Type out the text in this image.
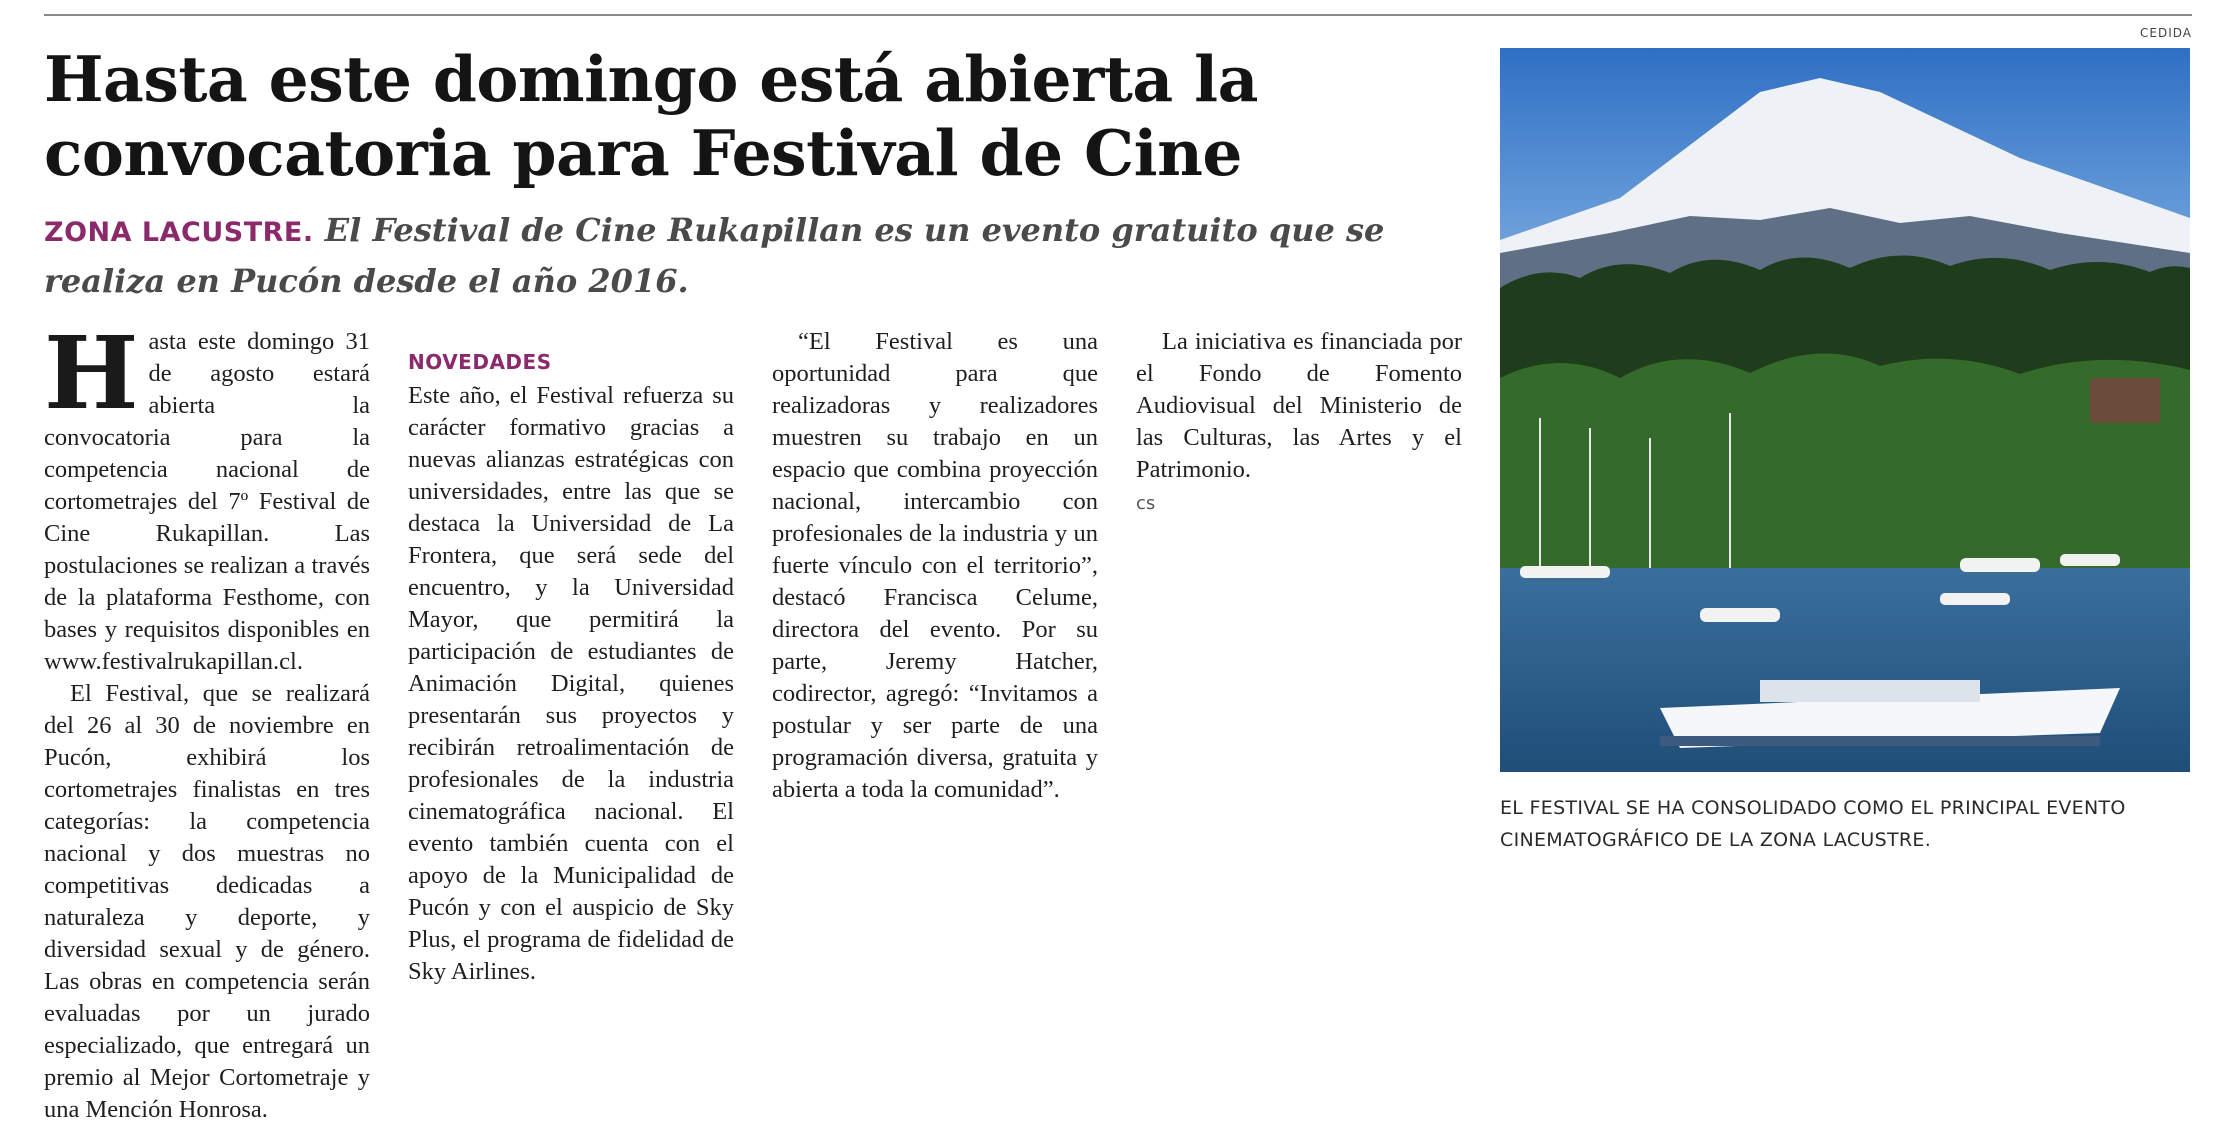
Hasta este domingo está abierta la convocatoria para Festival de Cine
ZONA LACUSTRE. El Festival de Cine Rukapillan es un evento gratuito que se realiza en Pucón desde el año 2016.

H asta este domingo 31 de agosto estará abierta la convocatoria para la competencia nacional de cortometrajes del 7º Festival de Cine Rukapillan. Las postulaciones se realizan a través de la plataforma Festhome, con bases y requisitos disponibles en www.festivalrukapillan.cl.

El Festival, que se realizará del 26 al 30 de noviembre en Pucón, exhibirá los cortometrajes finalistas en tres categorías: la competencia nacional y dos muestras no competitivas dedicadas a naturaleza y deporte, y diversidad sexual y de género. Las obras en competencia serán evaluadas por un jurado especializado, que entregará un premio al Mejor Cortometraje y una Mención Honrosa.

NOVEDADES

Este año, el Festival refuerza su carácter formativo gracias a nuevas alianzas estratégicas con universidades, entre las que se destaca la Universidad de La Frontera, que será sede del encuentro, y la Universidad Mayor, que permitirá la participación de estudiantes de Animación Digital, quienes presentarán sus proyectos y recibirán retroalimentación de profesionales de la industria cinematográfica nacional. El evento también cuenta con el apoyo de la Municipalidad de Pucón y con el auspicio de Sky Plus, el programa de fidelidad de Sky Airlines.

“El Festival es una oportunidad para que realizadoras y realizadores muestren su trabajo en un espacio que combina proyección nacional, intercambio con profesionales de la industria y un fuerte vínculo con el territorio”, destacó Francisca Celume, directora del evento. Por su parte, Jeremy Hatcher, codirector, agregó: “Invitamos a postular y ser parte de una programación diversa, gratuita y abierta a toda la comunidad”.

La iniciativa es financiada por el Fondo de Fomento Audiovisual del Ministerio de las Culturas, las Artes y el Patrimonio.

cs
CEDIDA
EL FESTIVAL SE HA CONSOLIDADO COMO EL PRINCIPAL EVENTO CINEMATOGRÁFICO DE LA ZONA LACUSTRE.
